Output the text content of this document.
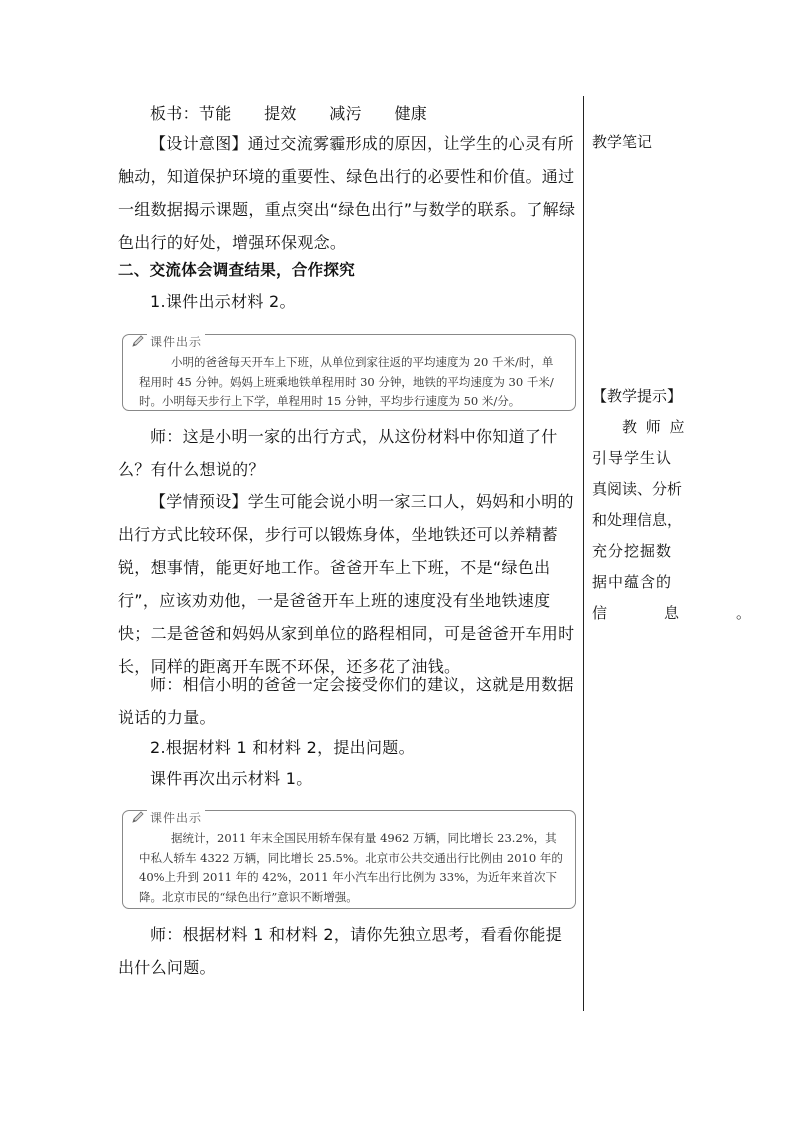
板书：节能　　提效　　减污　　健康
【设计意图】通过交流雾霾形成的原因，让学生的心灵有所触动，知道保护环境的重要性、绿色出行的必要性和价值。通过一组数据揭示课题，重点突出“绿色出行”与数学的联系。了解绿色出行的好处，增强环保观念。
二、交流体会调查结果，合作探究
1.课件出示材料 2。
师：这是小明一家的出行方式，从这份材料中你知道了什么？有什么想说的？
【学情预设】学生可能会说小明一家三口人，妈妈和小明的出行方式比较环保，步行可以锻炼身体，坐地铁还可以养精蓄锐，想事情，能更好地工作。爸爸开车上下班，不是“绿色出行”，应该劝劝他，一是爸爸开车上班的速度没有坐地铁速度快；二是爸爸和妈妈从家到单位的路程相同，可是爸爸开车用时长，同样的距离开车既不环保，还多花了油钱。
师：相信小明的爸爸一定会接受你们的建议，这就是用数据说话的力量。
2.根据材料 1 和材料 2，提出问题。
课件再次出示材料 1。
师：根据材料 1 和材料 2，请你先独立思考，看看你能提出什么问题。
课件出示
小明的爸爸每天开车上下班，从单位到家往返的平均速度为 20 千米/时，单程用时 45 分钟。妈妈上班乘地铁单程用时 30 分钟，地铁的平均速度为 30 千米/时。小明每天步行上下学，单程用时 15 分钟，平均步行速度为 50 米/分。
课件出示
据统计，2011 年末全国民用轿车保有量 4962 万辆，同比增长 23.2%，其中私人轿车 4322 万辆，同比增长 25.5%。北京市公共交通出行比例由 2010 年的 40%上升到 2011 年的 42%，2011 年小汽车出行比例为 33%，为近年来首次下降。北京市民的“绿色出行”意识不断增强。
教学笔记
【教学提示】
教 师 应
引导学生认
真阅读、分析
和处理信息，
充分挖掘数
据中蕴含的
信　息　。
